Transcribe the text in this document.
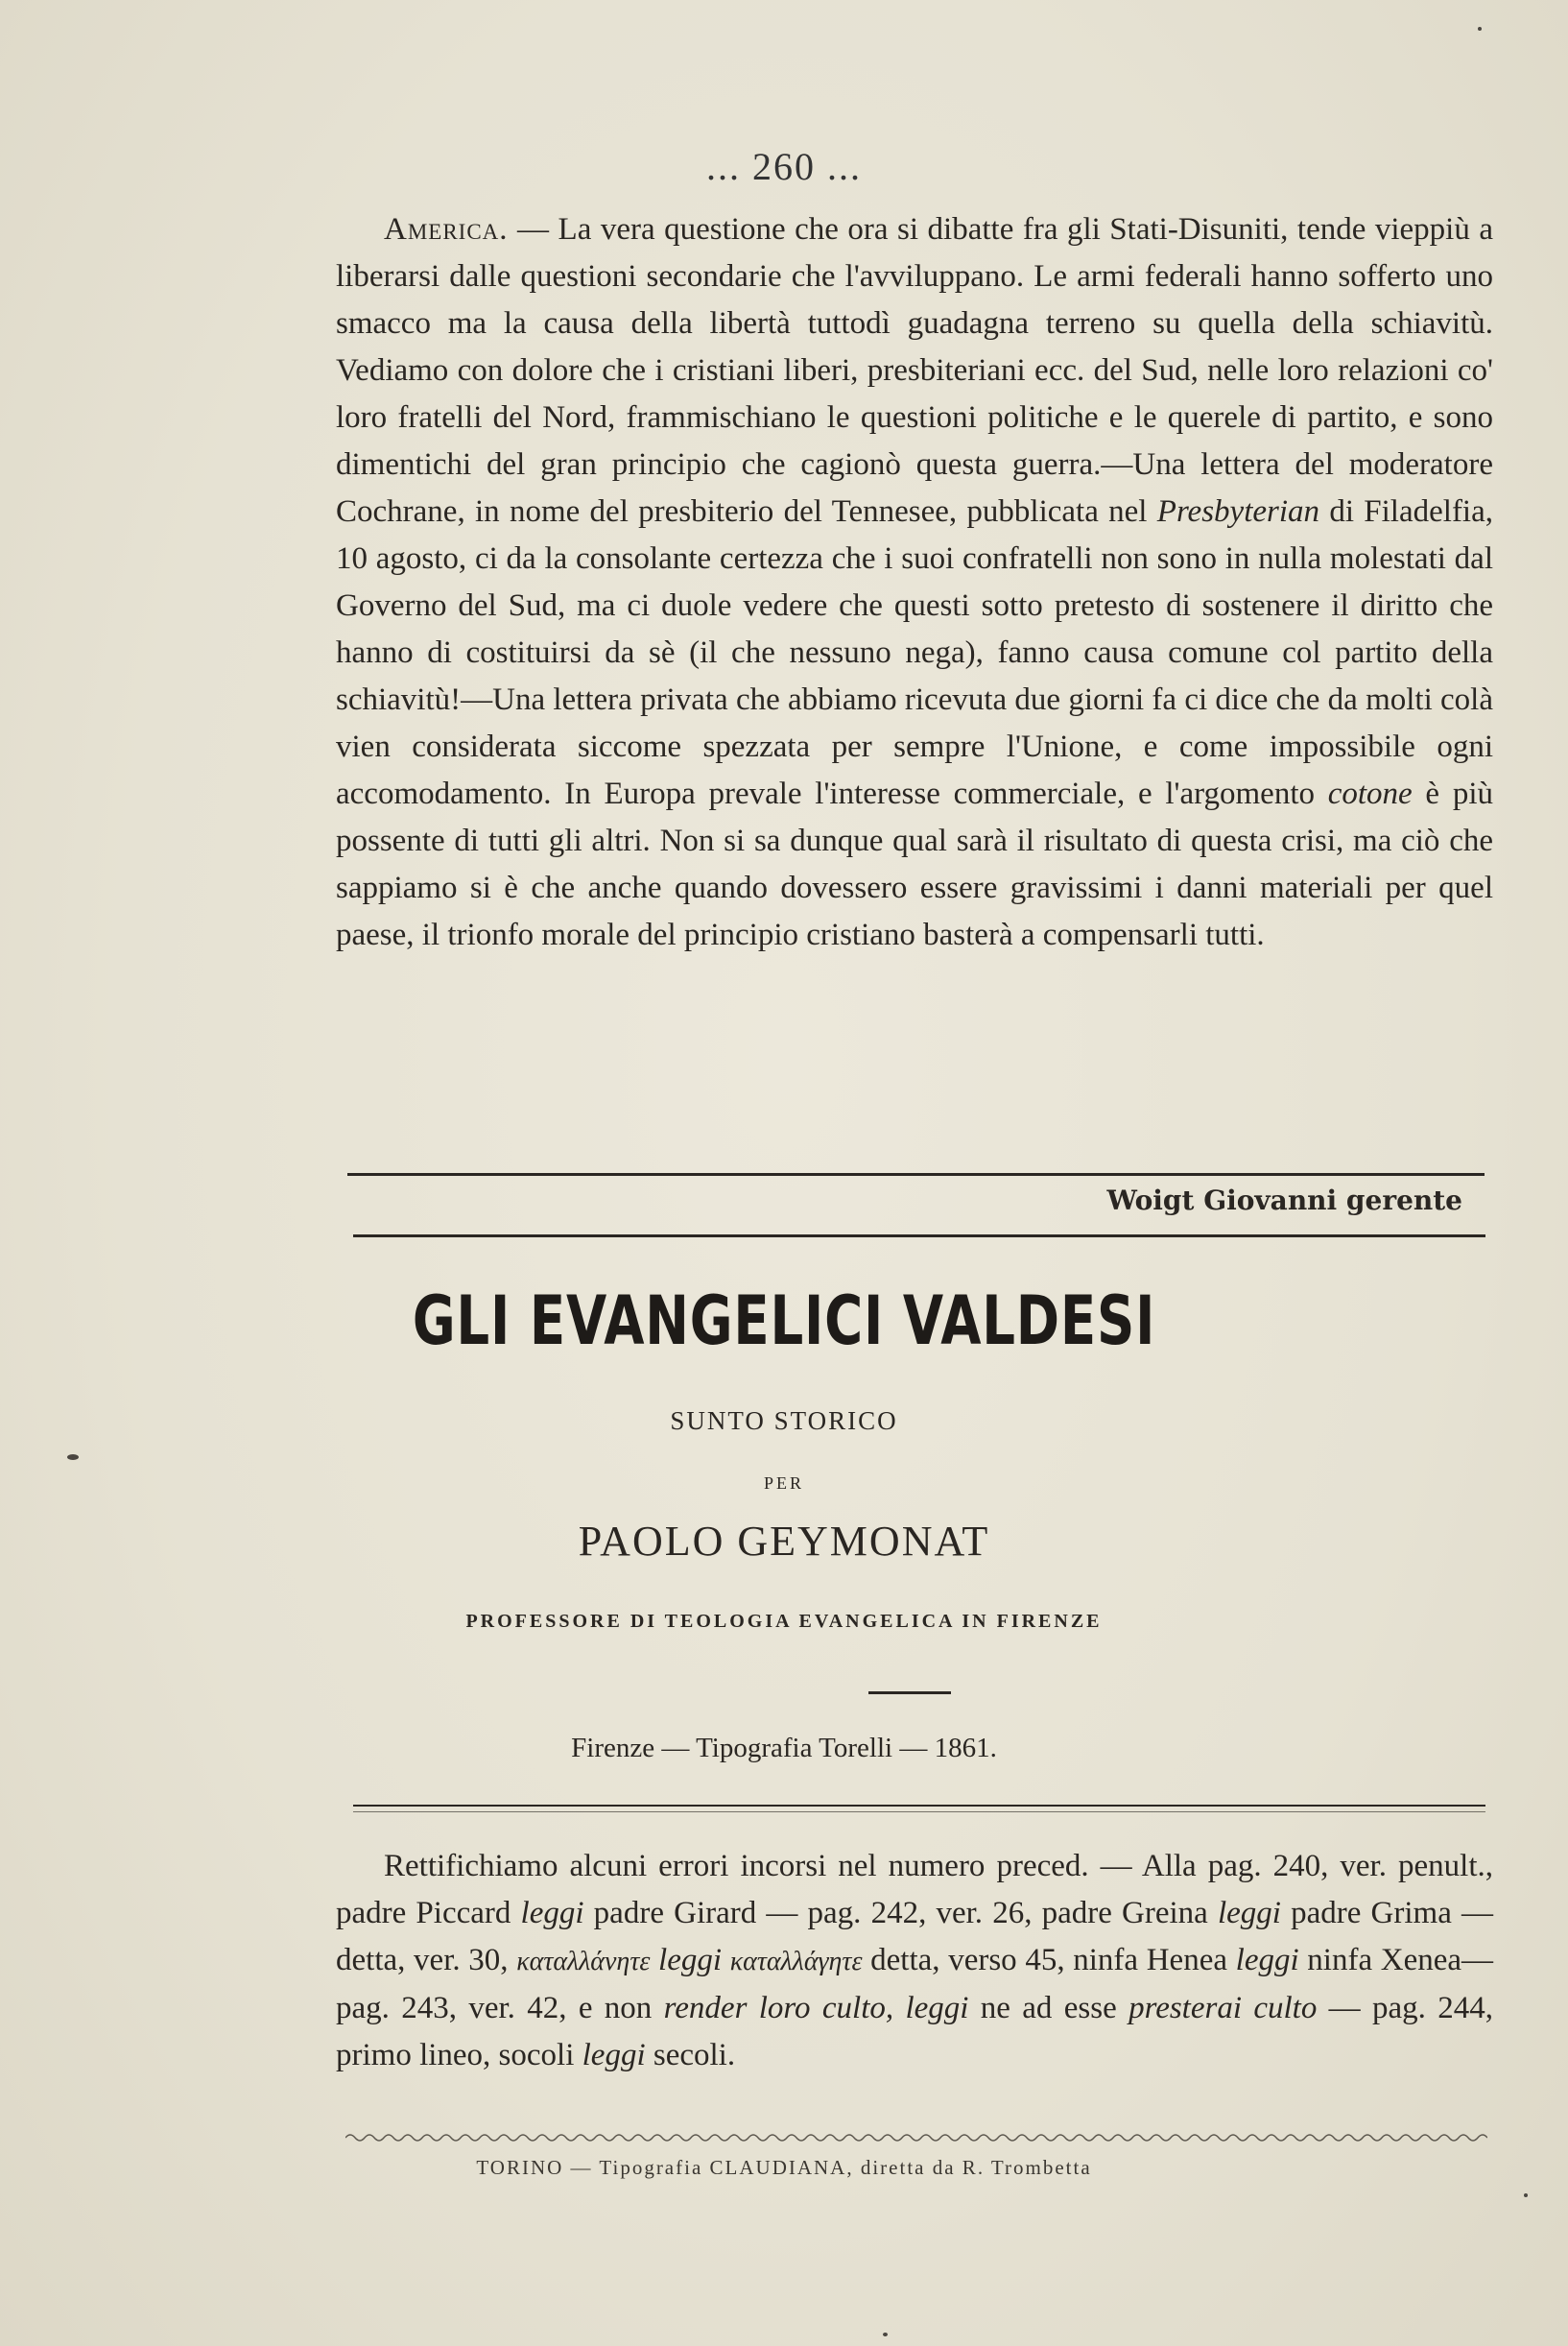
... 260 ...

America. — La vera questione che ora si dibatte fra gli Stati-Disuniti, tende vieppiù a liberarsi dalle questioni secondarie che l'avviluppano. Le armi federali hanno sofferto uno smacco ma la causa della libertà tuttodì guadagna terreno su quella della schiavitù. Vediamo con dolore che i cristiani liberi, presbiteriani ecc. del Sud, nelle loro relazioni co' loro fratelli del Nord, frammischiano le questioni politiche e le querele di partito, e sono dimentichi del gran principio che cagionò questa guerra.—Una lettera del moderatore Cochrane, in nome del presbiterio del Tennesee, pubblicata nel Presbyterian di Filadelfia, 10 agosto, ci da la consolante certezza che i suoi confratelli non sono in nulla molestati dal Governo del Sud, ma ci duole vedere che questi sotto pretesto di sostenere il diritto che hanno di costituirsi da sè (il che nessuno nega), fanno causa comune col partito della schiavitù!—Una lettera privata che abbiamo ricevuta due giorni fa ci dice che da molti colà vien considerata siccome spezzata per sempre l'Unione, e come impossibile ogni accomodamento. In Europa prevale l'interesse commerciale, e l'argomento cotone è più possente di tutti gli altri. Non si sa dunque qual sarà il risultato di questa crisi, ma ciò che sappiamo si è che anche quando dovessero essere gravissimi i danni materiali per quel paese, il trionfo morale del principio cristiano basterà a compensarli tutti.

Woigt Giovanni gerente
GLI EVANGELICI VALDESI
SUNTO STORICO
PER
PAOLO GEYMONAT
PROFESSORE DI TEOLOGIA EVANGELICA IN FIRENZE
Firenze — Tipografia Torelli — 1861.

Rettifichiamo alcuni errori incorsi nel numero preced. — Alla pag. 240, ver. penult., padre Piccard leggi padre Girard — pag. 242, ver. 26, padre Greina leggi padre Grima — detta, ver. 30, καταλλάνητε leggi καταλλάγητε detta, verso 45, ninfa Henea leggi ninfa Xenea—pag. 243, ver. 42, e non render loro culto, leggi ne ad esse presterai culto — pag. 244, primo lineo, socoli leggi secoli.

TORINO — Tipografia CLAUDIANA, diretta da R. Trombetta
